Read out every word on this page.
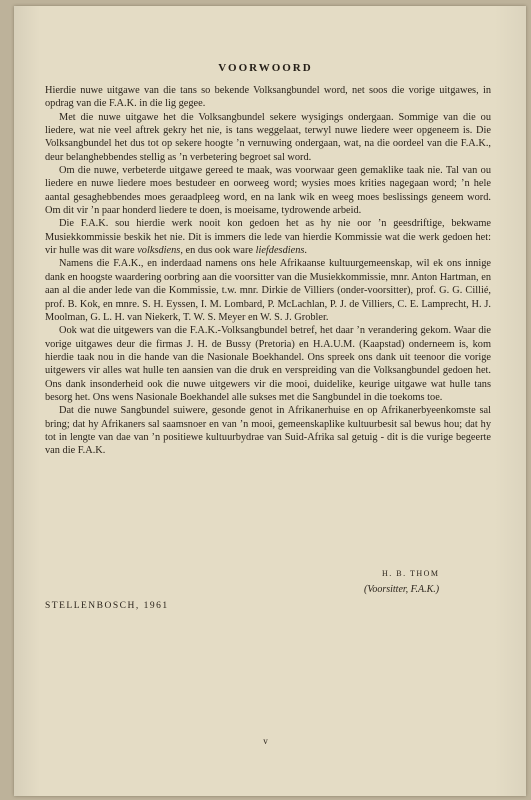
VOORWOORD

Hierdie nuwe uitgawe van die tans so bekende Volksangbundel word, net soos die vorige uitgawes, in opdrag van die F.A.K. in die lig gegee.

Met die nuwe uitgawe het die Volksangbundel sekere wysigings ondergaan. Sommige van die ou liedere, wat nie veel aftrek gekry het nie, is tans weggelaat, terwyl nuwe liedere weer opgeneem is. Die Volksangbundel het dus tot op sekere hoogte ’n vernuwing ondergaan, wat, na die oordeel van die F.A.K., deur belanghebbendes stellig as ’n verbetering begroet sal word.

Om die nuwe, verbeterde uitgawe gereed te maak, was voorwaar geen gemaklike taak nie. Tal van ou liedere en nuwe liedere moes bestudeer en oorweeg word; wysies moes krities nagegaan word; ’n hele aantal gesaghebbendes moes geraadpleeg word, en na lank wik en weeg moes beslissings geneem word. Om dit vir ’n paar honderd liedere te doen, is moeisame, tydrowende arbeid.

Die F.A.K. sou hierdie werk nooit kon gedoen het as hy nie oor ’n geesdriftige, bekwame Musiekkommissie beskik het nie. Dit is immers die lede van hierdie Kommissie wat die werk gedoen het: vir hulle was dit ware volksdiens, en dus ook ware liefdesdiens.

Namens die F.A.K., en inderdaad namens ons hele Afrikaanse kultuurgemeenskap, wil ek ons innige dank en hoogste waardering oorbring aan die voorsitter van die Musiekkommissie, mnr. Anton Hartman, en aan al die ander lede van die Kommissie, t.w. mnr. Dirkie de Villiers (onder-voorsitter), prof. G. G. Cillié, prof. B. Kok, en mnre. S. H. Eyssen, I. M. Lombard, P. McLachlan, P. J. de Villiers, C. E. Lamprecht, H. J. Moolman, G. L. H. van Niekerk, T. W. S. Meyer en W. S. J. Grobler.

Ook wat die uitgewers van die F.A.K.-Volksangbundel betref, het daar ’n verandering gekom. Waar die vorige uitgawes deur die firmas J. H. de Bussy (Pretoria) en H.A.U.M. (Kaapstad) onderneem is, kom hierdie taak nou in die hande van die Nasionale Boekhandel. Ons spreek ons dank uit teenoor die vorige uitgewers vir alles wat hulle ten aansien van die druk en verspreiding van die Volksangbundel gedoen het. Ons dank insonderheid ook die nuwe uitgewers vir die mooi, duidelike, keurige uitgawe wat hulle tans besorg het. Ons wens Nasionale Boekhandel alle sukses met die Sangbundel in die toekoms toe.

Dat die nuwe Sangbundel suiwere, gesonde genot in Afrikanerhuise en op Afrikanerbyeenkomste sal bring; dat hy Afrikaners sal saamsnoer en van ’n mooi, gemeenskaplike kultuurbesit sal bewus hou; dat hy tot in lengte van dae van ’n positiewe kultuurbydrae van Suid-Afrika sal getuig - dit is die vurige begeerte van die F.A.K.

H. B. THOM
(Voorsitter, F.A.K.)
STELLENBOSCH, 1961
v
